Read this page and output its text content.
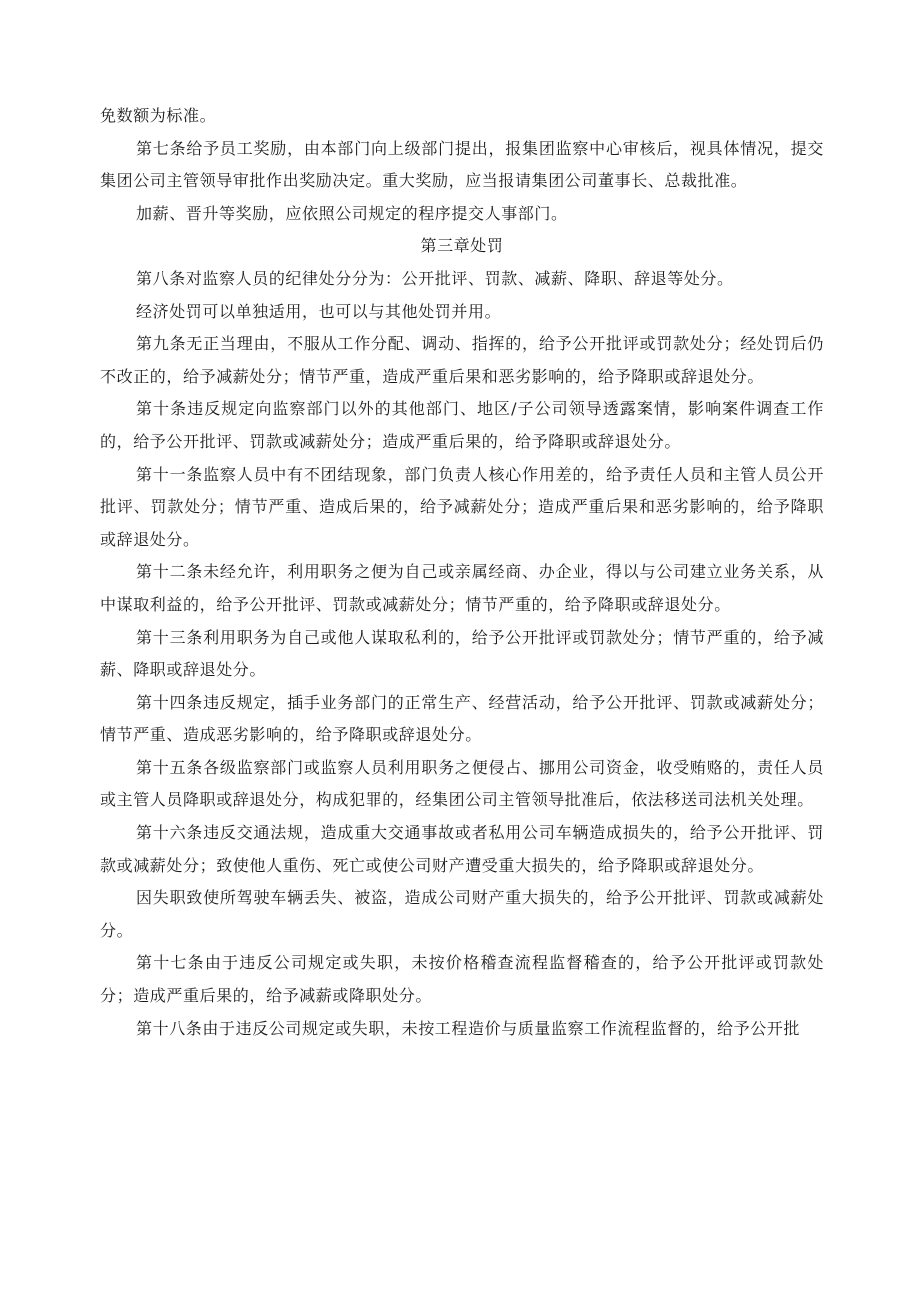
免数额为标准。

第七条给予员工奖励，由本部门向上级部门提出，报集团监察中心审核后，视具体情况，提交集团公司主管领导审批作出奖励决定。重大奖励，应当报请集团公司董事长、总裁批准。

加薪、晋升等奖励，应依照公司规定的程序提交人事部门。

第三章处罚

第八条对监察人员的纪律处分分为：公开批评、罚款、减薪、降职、辞退等处分。

经济处罚可以单独适用，也可以与其他处罚并用。

第九条无正当理由，不服从工作分配、调动、指挥的，给予公开批评或罚款处分；经处罚后仍不改正的，给予减薪处分；情节严重，造成严重后果和恶劣影响的，给予降职或辞退处分。

第十条违反规定向监察部门以外的其他部门、地区/子公司领导透露案情，影响案件调查工作的，给予公开批评、罚款或减薪处分；造成严重后果的，给予降职或辞退处分。

第十一条监察人员中有不团结现象，部门负责人核心作用差的，给予责任人员和主管人员公开批评、罚款处分；情节严重、造成后果的，给予减薪处分；造成严重后果和恶劣影响的，给予降职或辞退处分。

第十二条未经允许，利用职务之便为自己或亲属经商、办企业，得以与公司建立业务关系，从中谋取利益的，给予公开批评、罚款或减薪处分；情节严重的，给予降职或辞退处分。

第十三条利用职务为自己或他人谋取私利的，给予公开批评或罚款处分；情节严重的，给予减薪、降职或辞退处分。

第十四条违反规定，插手业务部门的正常生产、经营活动，给予公开批评、罚款或减薪处分；情节严重、造成恶劣影响的，给予降职或辞退处分。

第十五条各级监察部门或监察人员利用职务之便侵占、挪用公司资金，收受贿赂的，责任人员或主管人员降职或辞退处分，构成犯罪的，经集团公司主管领导批准后，依法移送司法机关处理。

第十六条违反交通法规，造成重大交通事故或者私用公司车辆造成损失的，给予公开批评、罚款或减薪处分；致使他人重伤、死亡或使公司财产遭受重大损失的，给予降职或辞退处分。

因失职致使所驾驶车辆丢失、被盗，造成公司财产重大损失的，给予公开批评、罚款或减薪处分。

第十七条由于违反公司规定或失职，未按价格稽查流程监督稽查的，给予公开批评或罚款处分；造成严重后果的，给予减薪或降职处分。

第十八条由于违反公司规定或失职，未按工程造价与质量监察工作流程监督的，给予公开批
